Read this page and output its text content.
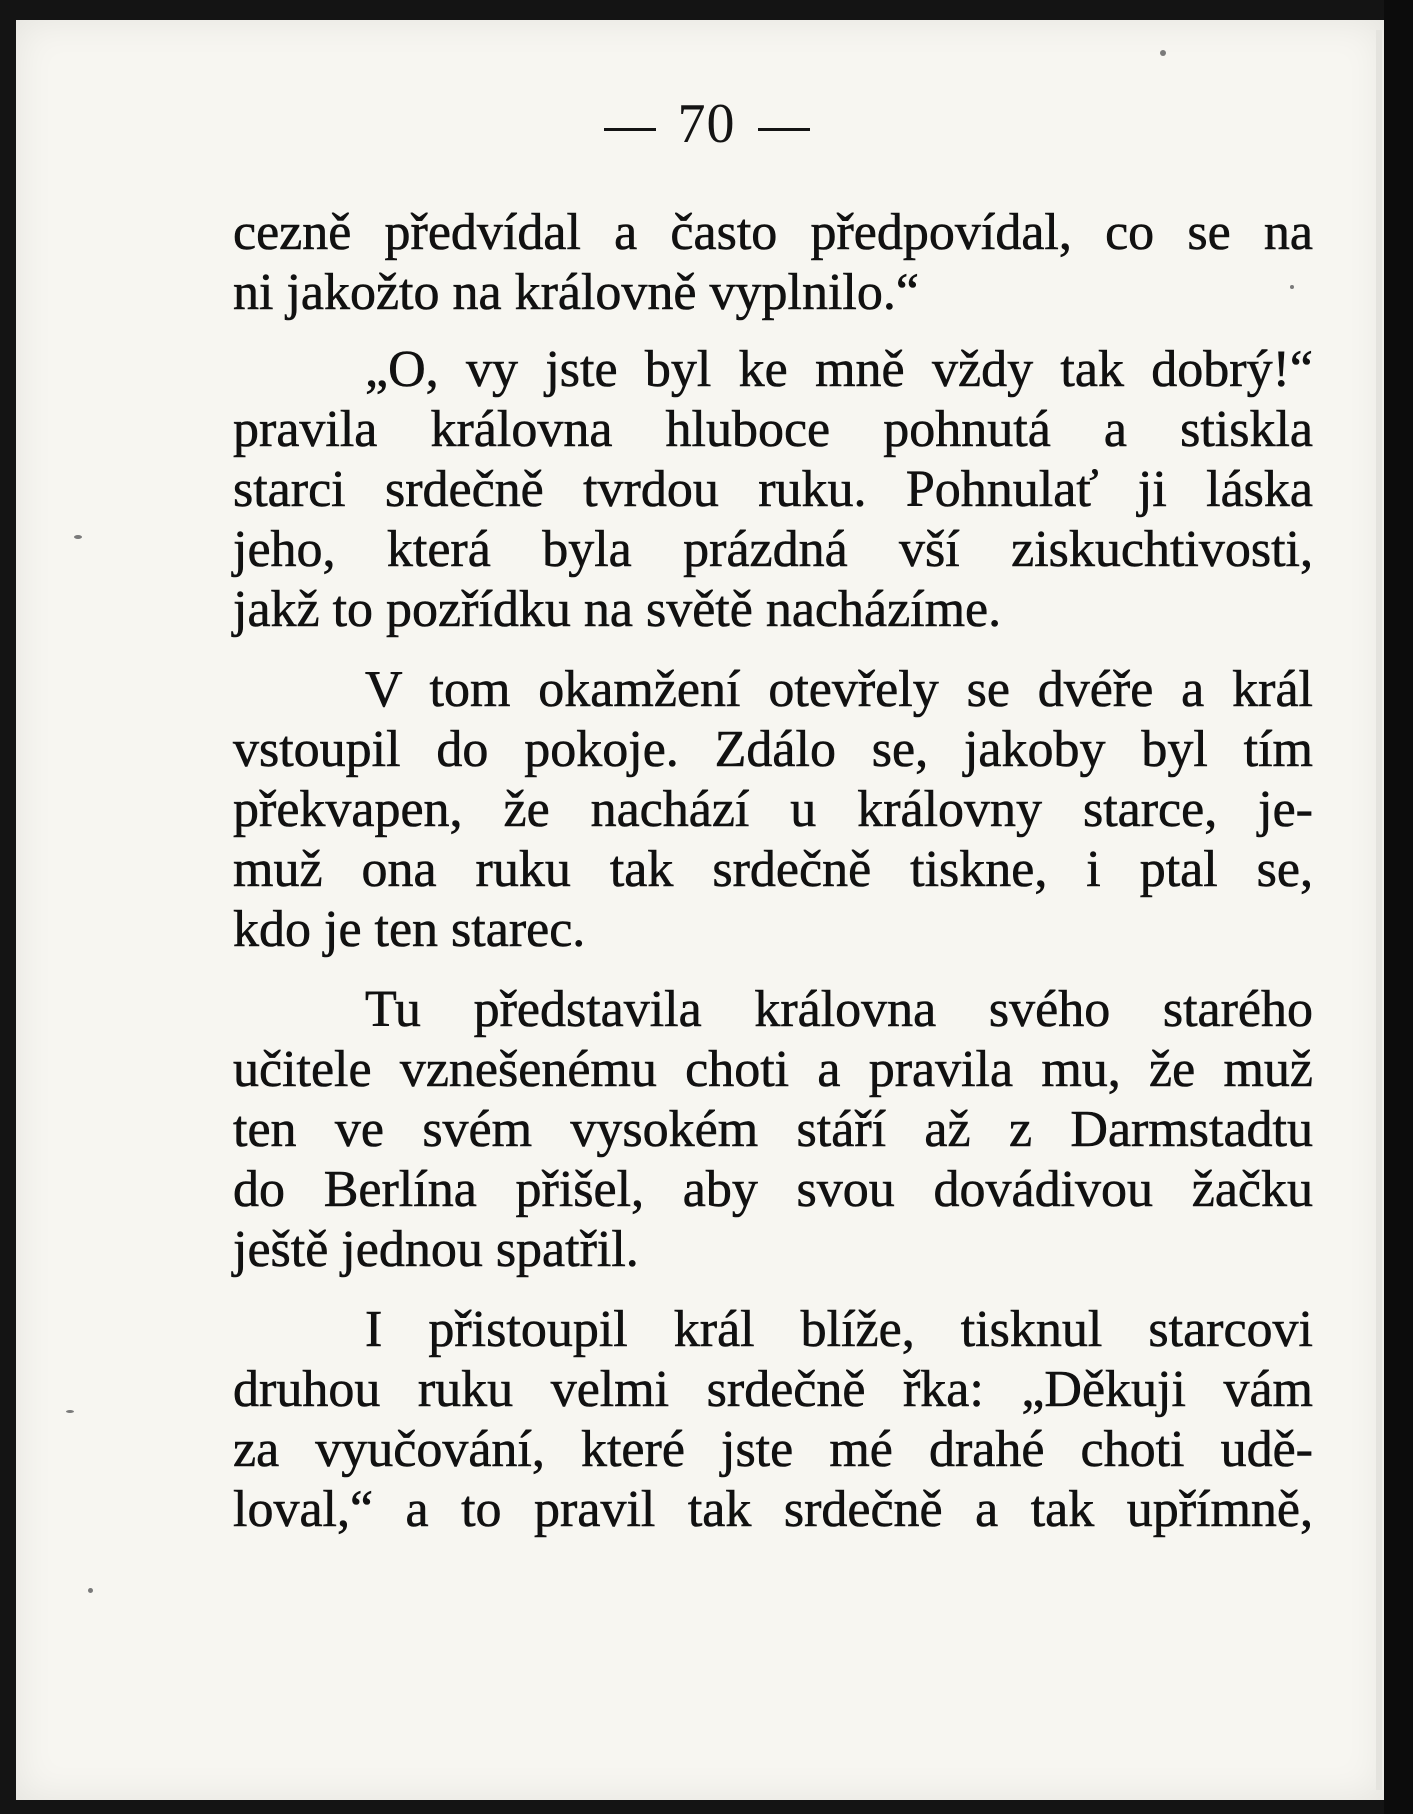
70
cezně předvídal a často předpovídal, co se na
ni jakožto na královně vyplnilo.“
„O, vy jste byl ke mně vždy tak dobrý!“
pravila královna hluboce pohnutá a stiskla
starci srdečně tvrdou ruku. Pohnulať ji láska
jeho, která byla prázdná vší ziskuchtivosti,
jakž to pozřídku na světě nacházíme.
V tom okamžení otevřely se dvéře a král
vstoupil do pokoje. Zdálo se, jakoby byl tím
překvapen, že nachází u královny starce, je-
muž ona ruku tak srdečně tiskne, i ptal se,
kdo je ten starec.
Tu představila královna svého starého
učitele vznešenému choti a pravila mu, že muž
ten ve svém vysokém stáří až z Darmstadtu
do Berlína přišel, aby svou dovádivou žačku
ještě jednou spatřil.
I přistoupil král blíže, tisknul starcovi
druhou ruku velmi srdečně řka: „Děkuji vám
za vyučování, které jste mé drahé choti udě-
loval,“ a to pravil tak srdečně a tak upřímně,
